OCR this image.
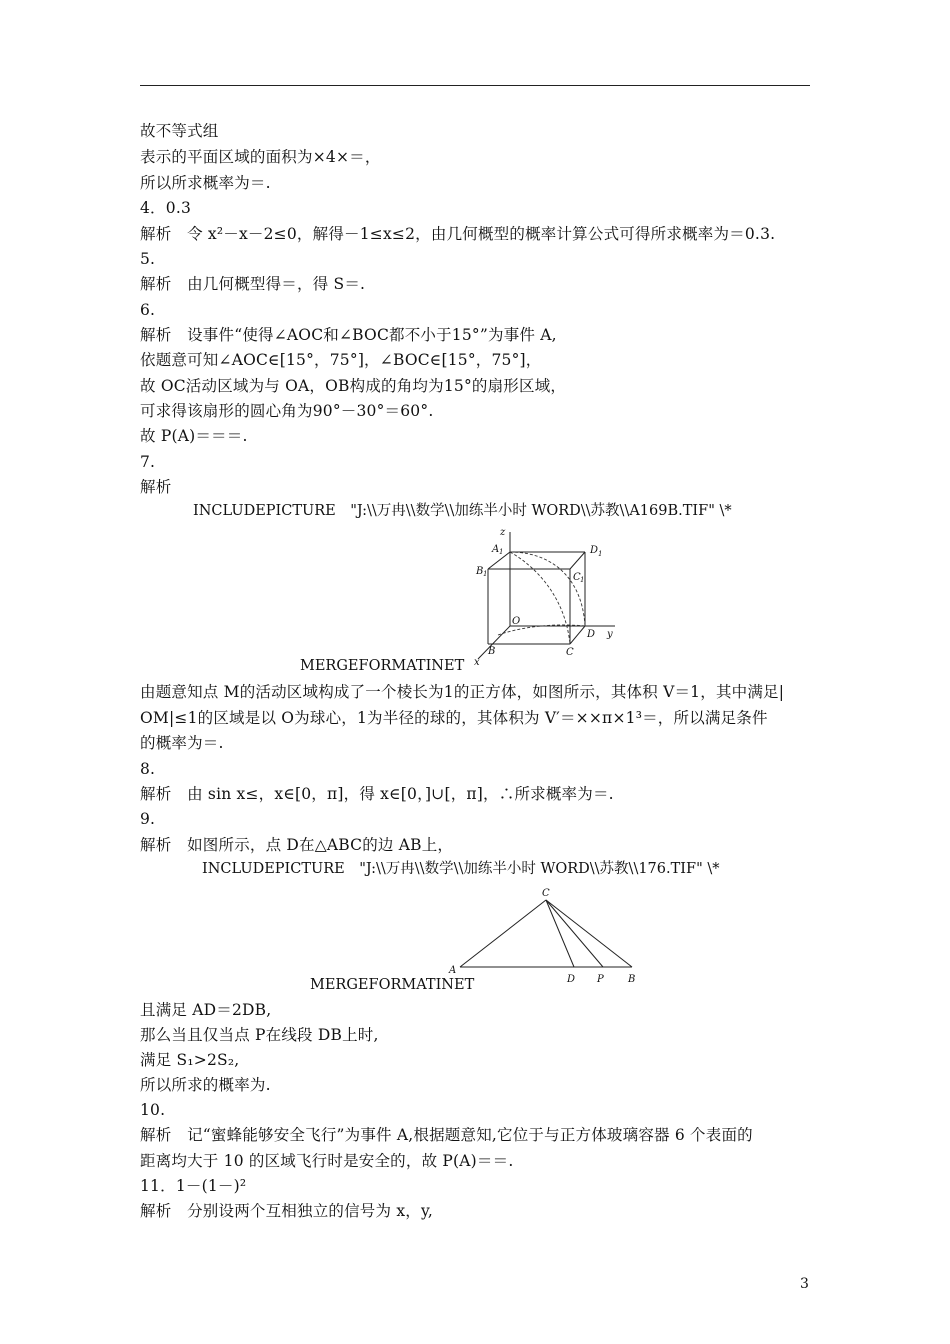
故不等式组
表示的平面区域的面积为×4×＝，
所以所求概率为＝.
4．0.3
解析　令 x²－x－2≤0，解得－1≤x≤2，由几何概型的概率计算公式可得所求概率为＝0.3.
5.
解析　由几何概型得＝，得 S＝.
6.
解析　设事件“使得∠AOC和∠BOC都不小于15°”为事件 A,
依题意可知∠AOC∈[15°，75°]，∠BOC∈[15°，75°]，
故 OC活动区域为与 OA，OB构成的角均为15°的扇形区域，
可求得该扇形的圆心角为90°－30°＝60°.
故 P(A)＝＝＝.
7.
解析
INCLUDEPICTURE　"J:\\万冉\\数学\\加练半小时 WORD\\苏教\\A169B.TIF" \*
z
A 1	D 1
B 1	C 1
O
D y
B	C
x
MERGEFORMATINET
由题意知点 M的活动区域构成了一个棱长为1的正方体，如图所示，其体积 V＝1，其中满足|
OM|≤1的区域是以 O为球心，1为半径的球的，其体积为 V′＝××π×1³＝，所以满足条件
的概率为＝.
8.
解析　由 sin x≤，x∈[0，π]，得 x∈[0，]∪[，π]，∴所求概率为＝.
9.
解析　如图所示，点 D在△ABC的边 AB上，
INCLUDEPICTURE　"J:\\万冉\\数学\\加练半小时 WORD\\苏教\\176.TIF" \*
C
A
D P B
MERGEFORMATINET
且满足 AD＝2DB,
那么当且仅当点 P在线段 DB上时,
满足 S₁>2S₂,
所以所求的概率为.
10.
解析　记“蜜蜂能够安全飞行”为事件 A,根据题意知,它位于与正方体玻璃容器 6 个表面的
距离均大于 10 的区域飞行时是安全的，故 P(A)＝＝.
11．1－(1－)²
解析　分别设两个互相独立的信号为 x，y,
3
